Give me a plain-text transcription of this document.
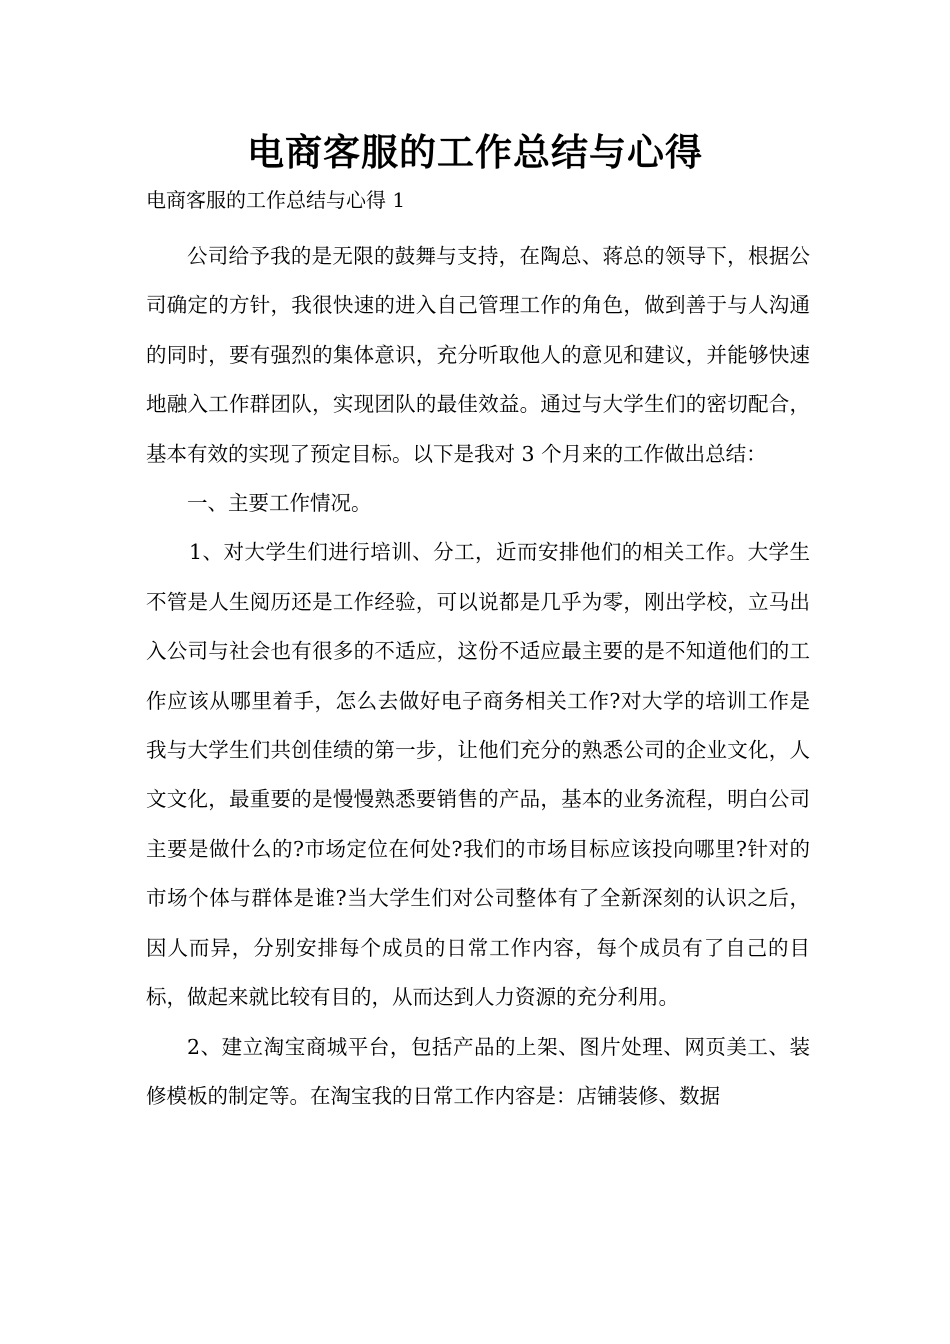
电商客服的工作总结与心得

电商客服的工作总结与心得 1

公司给予我的是无限的鼓舞与支持，在陶总、蒋总的领导下，根据公司确定的方针，我很快速的进入自己管理工作的角色，做到善于与人沟通的同时，要有强烈的集体意识，充分听取他人的意见和建议，并能够快速地融入工作群团队，实现团队的最佳效益。通过与大学生们的密切配合，基本有效的实现了预定目标。以下是我对 3 个月来的工作做出总结：

一、主要工作情况。

1、对大学生们进行培训、分工，近而安排他们的相关工作。大学生不管是人生阅历还是工作经验，可以说都是几乎为零，刚出学校，立马出入公司与社会也有很多的不适应，这份不适应最主要的是不知道他们的工作应该从哪里着手，怎么去做好电子商务相关工作?对大学的培训工作是我与大学生们共创佳绩的第一步，让他们充分的熟悉公司的企业文化，人文文化，最重要的是慢慢熟悉要销售的产品，基本的业务流程，明白公司主要是做什么的?市场定位在何处?我们的市场目标应该投向哪里?针对的市场个体与群体是谁?当大学生们对公司整体有了全新深刻的认识之后，因人而异，分别安排每个成员的日常工作内容，每个成员有了自己的目标，做起来就比较有目的，从而达到人力资源的充分利用。

2、建立淘宝商城平台，包括产品的上架、图片处理、网页美工、装修模板的制定等。在淘宝我的日常工作内容是：店铺装修、数据
